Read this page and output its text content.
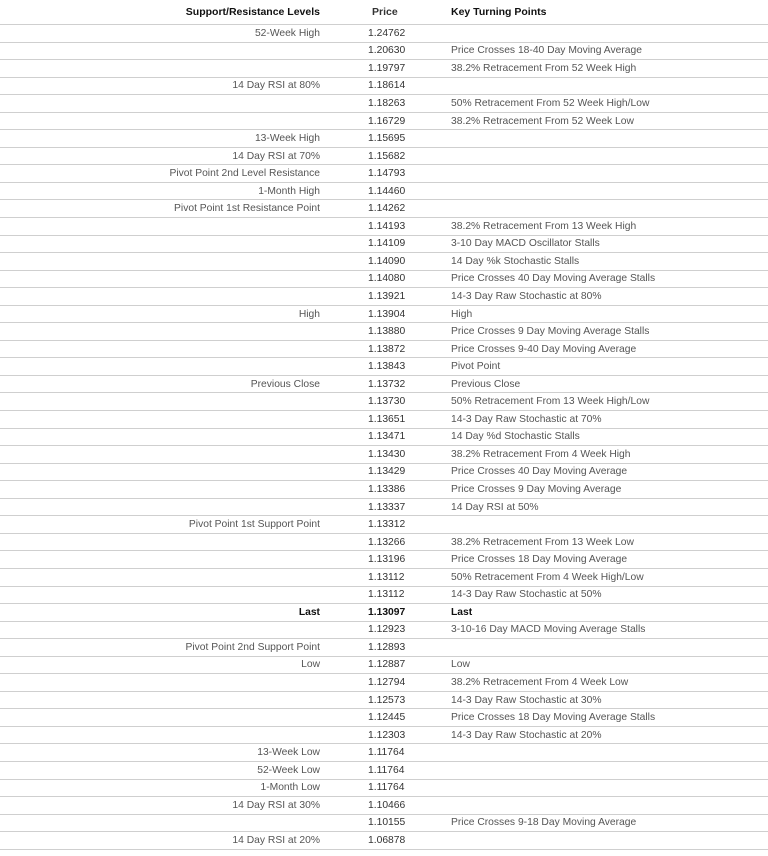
Support/Resistance Levels	Price	Key Turning Points
52-Week High	1.24762	
	1.20630	Price Crosses 18-40 Day Moving Average
	1.19797	38.2% Retracement From 52 Week High
14 Day RSI at 80%	1.18614	
	1.18263	50% Retracement From 52 Week High/Low
	1.16729	38.2% Retracement From 52 Week Low
13-Week High	1.15695	
14 Day RSI at 70%	1.15682	
Pivot Point 2nd Level Resistance	1.14793	
1-Month High	1.14460	
Pivot Point 1st Resistance Point	1.14262	
	1.14193	38.2% Retracement From 13 Week High
	1.14109	3-10 Day MACD Oscillator Stalls
	1.14090	14 Day %k Stochastic Stalls
	1.14080	Price Crosses 40 Day Moving Average Stalls
	1.13921	14-3 Day Raw Stochastic at 80%
High	1.13904	High
	1.13880	Price Crosses 9 Day Moving Average Stalls
	1.13872	Price Crosses 9-40 Day Moving Average
	1.13843	Pivot Point
Previous Close	1.13732	Previous Close
	1.13730	50% Retracement From 13 Week High/Low
	1.13651	14-3 Day Raw Stochastic at 70%
	1.13471	14 Day %d Stochastic Stalls
	1.13430	38.2% Retracement From 4 Week High
	1.13429	Price Crosses 40 Day Moving Average
	1.13386	Price Crosses 9 Day Moving Average
	1.13337	14 Day RSI at 50%
Pivot Point 1st Support Point	1.13312	
	1.13266	38.2% Retracement From 13 Week Low
	1.13196	Price Crosses 18 Day Moving Average
	1.13112	50% Retracement From 4 Week High/Low
	1.13112	14-3 Day Raw Stochastic at 50%
Last	1.13097	Last
	1.12923	3-10-16 Day MACD Moving Average Stalls
Pivot Point 2nd Support Point	1.12893	
Low	1.12887	Low
	1.12794	38.2% Retracement From 4 Week Low
	1.12573	14-3 Day Raw Stochastic at 30%
	1.12445	Price Crosses 18 Day Moving Average Stalls
	1.12303	14-3 Day Raw Stochastic at 20%
13-Week Low	1.11764	
52-Week Low	1.11764	
1-Month Low	1.11764	
14 Day RSI at 30%	1.10466	
	1.10155	Price Crosses 9-18 Day Moving Average
14 Day RSI at 20%	1.06878	
